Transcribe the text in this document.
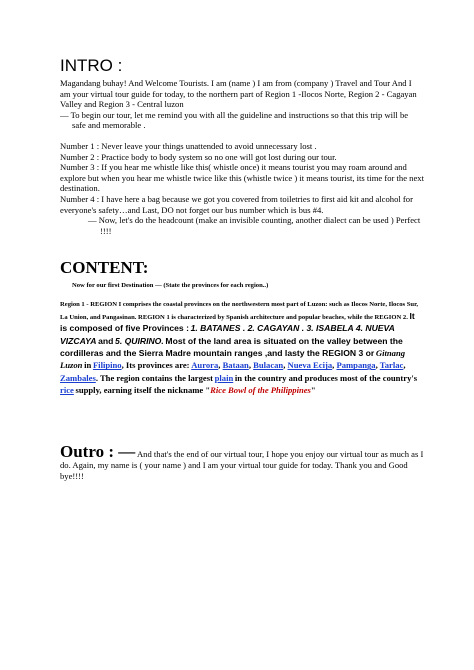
INTRO :

Magandang buhay! And Welcome Tourists. I am (name ) I am from (company ) Travel and Tour And I am your virtual tour guide for today, to the northern part of Region 1 -Ilocos Norte, Region 2 - Cagayan Valley and Region 3 - Central luzon

— To begin our tour, let me remind you with all the guideline and instructions so that this trip will be safe and memorable .

Number 1 : Never leave your things unattended to avoid unnecessary lost .

Number 2 : Practice body to body system so no one will got lost during our tour.

Number 3 : If you hear me whistle like this( whistle once) it means tourist you may roam around and explore but when you hear me whistle twice like this (whistle twice ) it means tourist, its time for the next destination.

Number 4 : I have here a bag because we got you covered from toiletries to first aid kit and alcohol for everyone's safety…and Last, DO not forget our bus number which is bus #4.

— Now, let's do the headcount (make an invisible counting, another dialect can be used ) Perfect !!!!

CONTENT:
Now for our first Destination — (State the provinces for each region..)
Region 1 - REGION I comprises the coastal provinces on the northwestern most part of Luzon: such as Ilocos Norte, Ilocos Sur, La Union, and Pangasinan. REGION 1 is characterized by Spanish architecture and popular beaches, while the REGION 2. It is composed of five Provinces : 1. BATANES . 2. CAGAYAN . 3. ISABELA 4. NUEVA VIZCAYA and 5. QUIRINO. Most of the land area is situated on the valley between the cordilleras and the Sierra Madre mountain ranges ,and lasty the REGION 3 or Gitnang Luzon in Filipino, Its provinces are: Aurora, Bataan, Bulacan, Nueva Ecija, Pampanga, Tarlac, Zambales. The region contains the largest plain in the country and produces most of the country's rice supply, earning itself the nickname "Rice Bowl of the Philippines"
Outro : — And that's the end of our virtual tour, I hope you enjoy our virtual tour as much as I do. Again, my name is ( your name ) and I am your virtual tour guide for today. Thank you and Good bye!!!!
